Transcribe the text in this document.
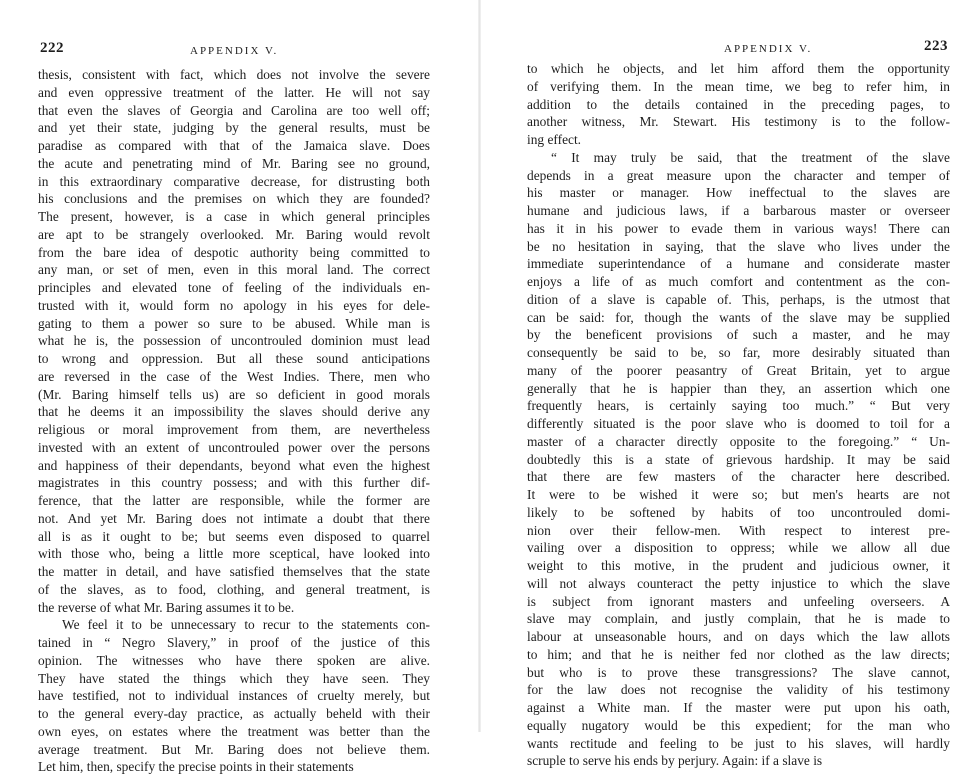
222	APPENDIX V.
thesis, consistent with fact, which does not involve the severe
and even oppressive treatment of the latter. He will not say
that even the slaves of Georgia and Carolina are too well off;
and yet their state, judging by the general results, must be
paradise as compared with that of the Jamaica slave. Does
the acute and penetrating mind of Mr. Baring see no ground,
in this extraordinary comparative decrease, for distrusting both
his conclusions and the premises on which they are founded?
The present, however, is a case in which general principles
are apt to be strangely overlooked. Mr. Baring would revolt
from the bare idea of despotic authority being committed to
any man, or set of men, even in this moral land. The correct
principles and elevated tone of feeling of the individuals en-
trusted with it, would form no apology in his eyes for dele-
gating to them a power so sure to be abused. While man is
what he is, the possession of uncontrouled dominion must lead
to wrong and oppression. But all these sound anticipations
are reversed in the case of the West Indies. There, men who
(Mr. Baring himself tells us) are so deficient in good morals
that he deems it an impossibility the slaves should derive any
religious or moral improvement from them, are nevertheless
invested with an extent of uncontrouled power over the persons
and happiness of their dependants, beyond what even the highest
magistrates in this country possess; and with this further dif-
ference, that the latter are responsible, while the former are
not. And yet Mr. Baring does not intimate a doubt that there
all is as it ought to be; but seems even disposed to quarrel
with those who, being a little more sceptical, have looked into
the matter in detail, and have satisfied themselves that the state
of the slaves, as to food, clothing, and general treatment, is
the reverse of what Mr. Baring assumes it to be.
We feel it to be unnecessary to recur to the statements con-
tained in “ Negro Slavery,” in proof of the justice of this
opinion. The witnesses who have there spoken are alive.
They have stated the things which they have seen. They
have testified, not to individual instances of cruelty merely, but
to the general every-day practice, as actually beheld with their
own eyes, on estates where the treatment was better than the
average treatment. But Mr. Baring does not believe them.
Let him, then, specify the precise points in their statements
APPENDIX V.	223
to which he objects, and let him afford them the opportunity
of verifying them. In the mean time, we beg to refer him, in
addition to the details contained in the preceding pages, to
another witness, Mr. Stewart. His testimony is to the follow-
ing effect.
“ It may truly be said, that the treatment of the slave
depends in a great measure upon the character and temper of
his master or manager. How ineffectual to the slaves are
humane and judicious laws, if a barbarous master or overseer
has it in his power to evade them in various ways! There can
be no hesitation in saying, that the slave who lives under the
immediate superintendance of a humane and considerate master
enjoys a life of as much comfort and contentment as the con-
dition of a slave is capable of. This, perhaps, is the utmost that
can be said: for, though the wants of the slave may be supplied
by the beneficent provisions of such a master, and he may
consequently be said to be, so far, more desirably situated than
many of the poorer peasantry of Great Britain, yet to argue
generally that he is happier than they, an assertion which one
frequently hears, is certainly saying too much.” “ But very
differently situated is the poor slave who is doomed to toil for a
master of a character directly opposite to the foregoing.” “ Un-
doubtedly this is a state of grievous hardship. It may be said
that there are few masters of the character here described.
It were to be wished it were so; but men's hearts are not
likely to be softened by habits of too uncontrouled domi-
nion over their fellow-men. With respect to interest pre-
vailing over a disposition to oppress; while we allow all due
weight to this motive, in the prudent and judicious owner, it
will not always counteract the petty injustice to which the slave
is subject from ignorant masters and unfeeling overseers. A
slave may complain, and justly complain, that he is made to
labour at unseasonable hours, and on days which the law allots
to him; and that he is neither fed nor clothed as the law directs;
but who is to prove these transgressions? The slave cannot,
for the law does not recognise the validity of his testimony
against a White man. If the master were put upon his oath,
equally nugatory would be this expedient; for the man who
wants rectitude and feeling to be just to his slaves, will hardly
scruple to serve his ends by perjury. Again: if a slave is
